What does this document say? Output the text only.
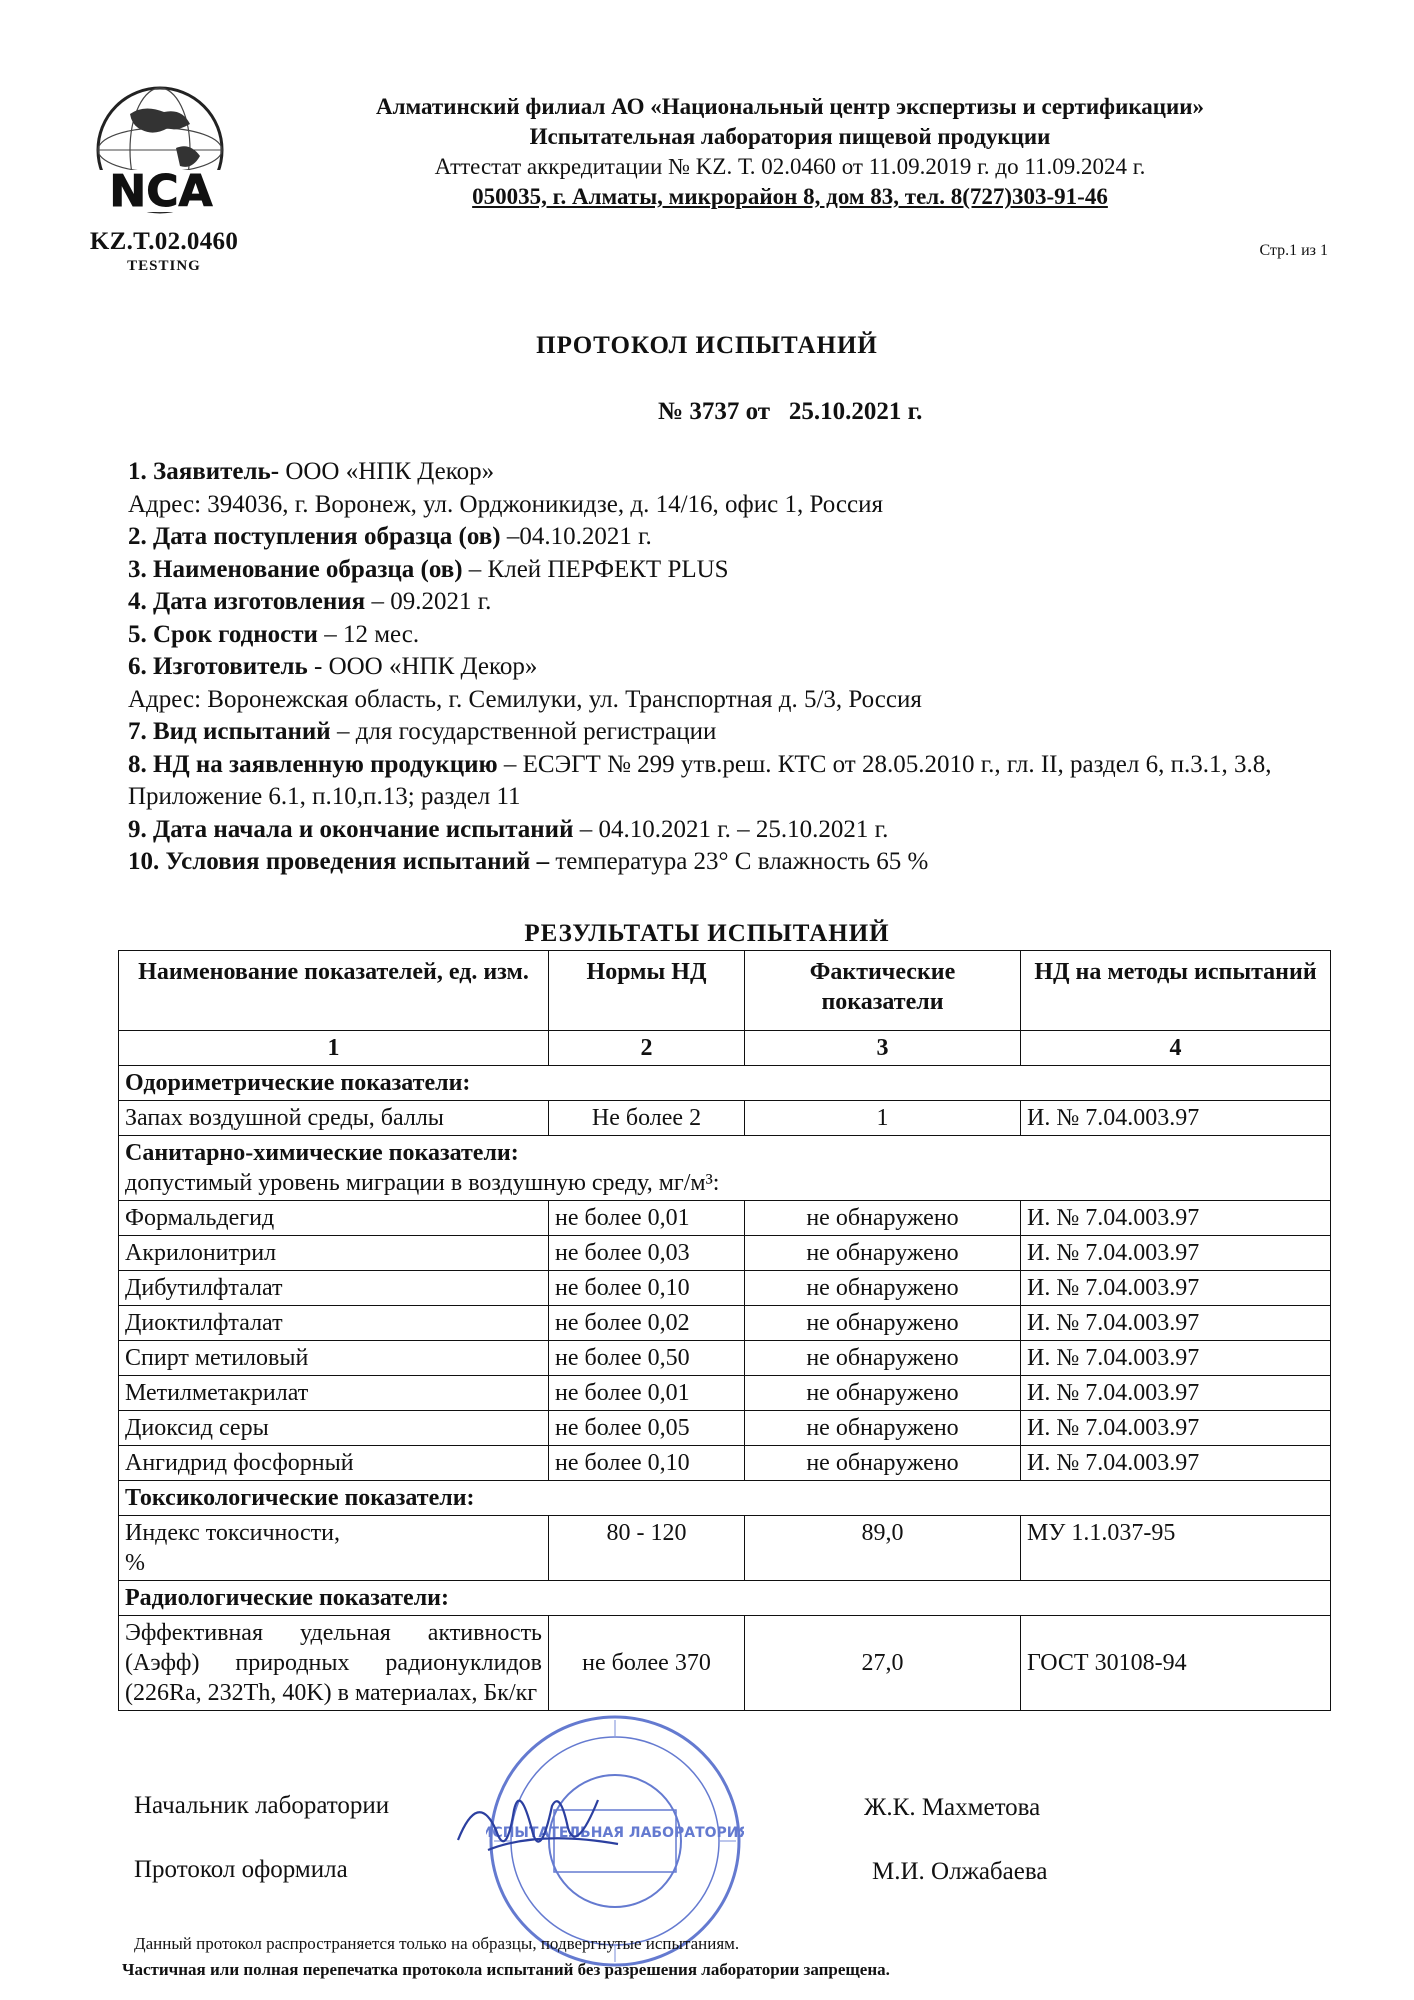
NCA
KZ.T.02.0460
TESTING
Алматинский филиал АО «Национальный центр экспертизы и сертификации»
Испытательная лаборатория пищевой продукции
Аттестат аккредитации № KZ. Т. 02.0460 от 11.09.2019 г. до 11.09.2024 г.
050035, г. Алматы, микрорайон 8, дом 83, тел. 8(727)303-91-46
Стр.1 из 1
ПРОТОКОЛ ИСПЫТАНИЙ
№ 3737 от   25.10.2021 г.
1. Заявитель- ООО «НПК Декор»
Адрес: 394036, г. Воронеж, ул. Орджоникидзе, д. 14/16, офис 1, Россия
2. Дата поступления образца (ов) –04.10.2021 г.
3. Наименование образца (ов) – Клей ПЕРФЕКТ PLUS
4. Дата изготовления – 09.2021 г.
5. Срок годности – 12 мес.
6. Изготовитель - ООО «НПК Декор»
Адрес: Воронежская область, г. Семилуки, ул. Транспортная д. 5/3, Россия
7. Вид испытаний – для государственной регистрации
8. НД на заявленную продукцию – ЕСЭГТ № 299 утв.реш. КТС от 28.05.2010 г., гл. II, раздел 6, п.3.1, 3.8, Приложение 6.1, п.10,п.13; раздел 11
9. Дата начала и окончание испытаний – 04.10.2021 г. – 25.10.2021 г.
10. Условия проведения испытаний – температура 23° С влажность 65 %
РЕЗУЛЬТАТЫ ИСПЫТАНИЙ
Наименование показателей, ед. изм.	Нормы НД	Фактические показатели	НД на методы испытаний
1	2	3	4
Одориметрические показатели:			
Запах воздушной среды, баллы	Не более 2	1	И. № 7.04.003.97

Санитарно-химические показатели:
допустимый уровень миграции в воздушную среду, мг/м³:			

Формальдегид	не более 0,01	не обнаружено	И. № 7.04.003.97
Акрилонитрил	не более 0,03	не обнаружено	И. № 7.04.003.97
Дибутилфталат	не более 0,10	не обнаружено	И. № 7.04.003.97
Диоктилфталат	не более 0,02	не обнаружено	И. № 7.04.003.97
Спирт метиловый	не более 0,50	не обнаружено	И. № 7.04.003.97
Метилметакрилат	не более 0,01	не обнаружено	И. № 7.04.003.97
Диоксид серы	не более 0,05	не обнаружено	И. № 7.04.003.97
Ангидрид фосфорный	не более 0,10	не обнаружено	И. № 7.04.003.97
Токсикологические показатели:			

Индекс токсичности,
%	80 - 120	89,0	МУ 1.1.037-95
Радиологические показатели:			
Эффективная удельная активность (Аэфф) природных радионуклидов (226Ra, 232Th, 40K) в материалах, Бк/кг	не более 370	27,0	ГОСТ 30108-94
Начальник лаборатории	Ж.К. Махметова
Протокол оформила	М.И. Олжабаева
ИСПЫТАТЕЛЬНАЯ ЛАБОРАТОРИЯ
Данный протокол распространяется только на образцы, подвергнутые испытаниям.
Частичная или полная перепечатка протокола испытаний без разрешения лаборатории запрещена.
